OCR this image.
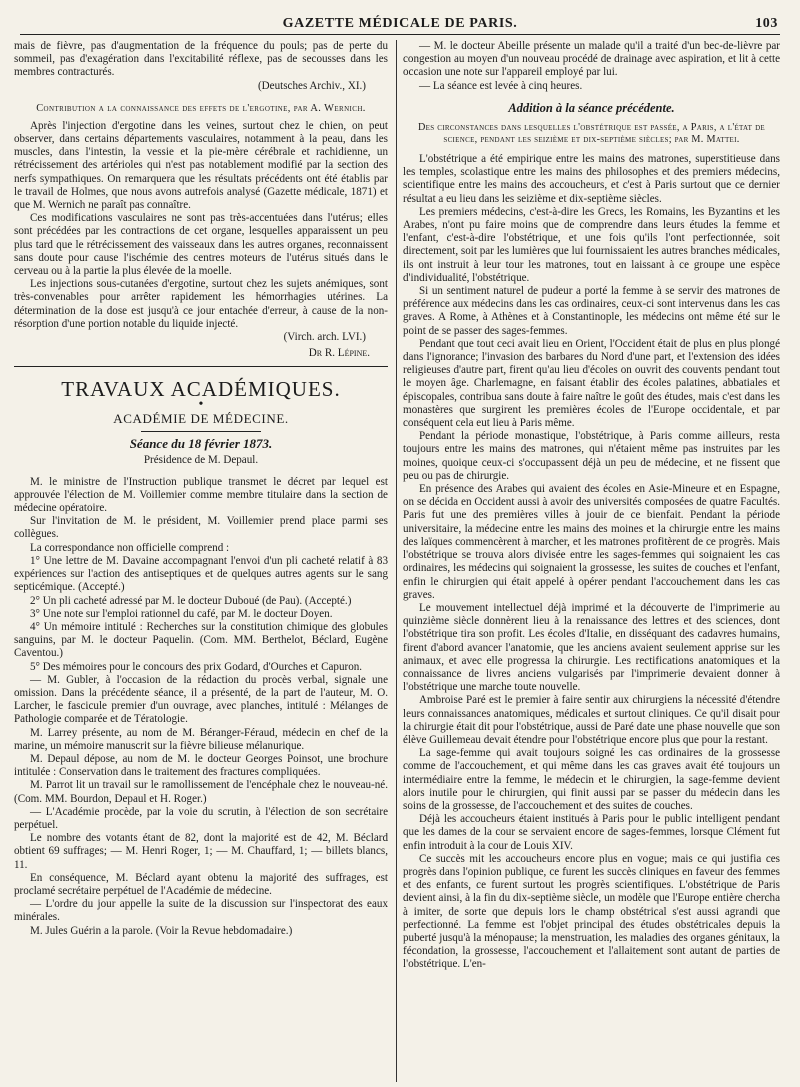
GAZETTE MÉDICALE DE PARIS.	103

mais de fièvre, pas d'augmentation de la fréquence du pouls; pas de perte du sommeil, pas d'exagération dans l'excitabilité réflexe, pas de secousses dans les membres contracturés.

(Deutsches Archiv., XI.)

Contribution a la connaissance des effets de l'ergotine, par A. Wernich.

Après l'injection d'ergotine dans les veines, surtout chez le chien, on peut observer, dans certains départements vasculaires, notamment à la peau, dans les muscles, dans l'intestin, la vessie et la pie-mère cérébrale et rachidienne, un rétrécissement des artérioles qui n'est pas notablement modifié par la section des nerfs sympathiques. On remarquera que les résultats précédents ont été établis par le travail de Holmes, que nous avons autrefois analysé (Gazette médicale, 1871) et que M. Wernich ne paraît pas connaître.

Ces modifications vasculaires ne sont pas très-accentuées dans l'utérus; elles sont précédées par les contractions de cet organe, lesquelles apparaissent un peu plus tard que le rétrécissement des vaisseaux dans les autres organes, reconnaissent sans doute pour cause l'ischémie des centres moteurs de l'utérus situés dans le cerveau ou à la partie la plus élevée de la moelle.

Les injections sous-cutanées d'ergotine, surtout chez les sujets anémiques, sont très-convenables pour arrêter rapidement les hémorrhagies utérines. La détermination de la dose est jusqu'à ce jour entachée d'erreur, à cause de la non-résorption d'une portion notable du liquide injecté.

(Virch. arch. LVI.)

Dr R. Lépine.

TRAVAUX ACADÉMIQUES.
•
ACADÉMIE DE MÉDECINE.
Séance du 18 février 1873.

Présidence de M. Depaul.

M. le ministre de l'Instruction publique transmet le décret par lequel est approuvée l'élection de M. Voillemier comme membre titulaire dans la section de médecine opératoire.

Sur l'invitation de M. le président, M. Voillemier prend place parmi ses collègues.

La correspondance non officielle comprend :

1° Une lettre de M. Davaine accompagnant l'envoi d'un pli cacheté relatif à 83 expériences sur l'action des antiseptiques et de quelques autres agents sur le sang septicémique. (Accepté.)

2° Un pli cacheté adressé par M. le docteur Duboué (de Pau). (Accepté.)

3° Une note sur l'emploi rationnel du café, par M. le docteur Doyen.

4° Un mémoire intitulé : Recherches sur la constitution chimique des globules sanguins, par M. le docteur Paquelin. (Com. MM. Berthelot, Béclard, Eugène Caventou.)

5° Des mémoires pour le concours des prix Godard, d'Ourches et Capuron.

— M. Gubler, à l'occasion de la rédaction du procès verbal, signale une omission. Dans la précédente séance, il a présenté, de la part de l'auteur, M. O. Larcher, le fascicule premier d'un ouvrage, avec planches, intitulé : Mélanges de Pathologie comparée et de Tératologie.

M. Larrey présente, au nom de M. Béranger-Féraud, médecin en chef de la marine, un mémoire manuscrit sur la fièvre bilieuse mélanurique.

M. Depaul dépose, au nom de M. le docteur Georges Poinsot, une brochure intitulée : Conservation dans le traitement des fractures compliquées.

M. Parrot lit un travail sur le ramollissement de l'encéphale chez le nouveau-né. (Com. MM. Bourdon, Depaul et H. Roger.)

— L'Académie procède, par la voie du scrutin, à l'élection de son secrétaire perpétuel.

Le nombre des votants étant de 82, dont la majorité est de 42, M. Béclard obtient 69 suffrages; — M. Henri Roger, 1; — M. Chauffard, 1; — billets blancs, 11.

En conséquence, M. Béclard ayant obtenu la majorité des suffrages, est proclamé secrétaire perpétuel de l'Académie de médecine.

— L'ordre du jour appelle la suite de la discussion sur l'inspectorat des eaux minérales.

M. Jules Guérin a la parole. (Voir la Revue hebdomadaire.)

— M. le docteur Abeille présente un malade qu'il a traité d'un bec-de-lièvre par congestion au moyen d'un nouveau procédé de drainage avec aspiration, et lit à cette occasion une note sur l'appareil employé par lui.

— La séance est levée à cinq heures.

Addition à la séance précédente.

Des circonstances dans lesquelles l'obstétrique est passée, a Paris, a l'état de science, pendant les seizième et dix-septième siècles; par M. Mattei.

L'obstétrique a été empirique entre les mains des matrones, superstitieuse dans les temples, scolastique entre les mains des philosophes et des premiers médecins, scientifique entre les mains des accoucheurs, et c'est à Paris surtout que ce dernier résultat a eu lieu dans les seizième et dix-septième siècles.

Les premiers médecins, c'est-à-dire les Grecs, les Romains, les Byzantins et les Arabes, n'ont pu faire moins que de comprendre dans leurs études la femme et l'enfant, c'est-à-dire l'obstétrique, et une fois qu'ils l'ont perfectionnée, soit directement, soit par les lumières que lui fournissaient les autres branches médicales, ils ont instruit à leur tour les matrones, tout en laissant à ce groupe une espèce d'individualité, l'obstétrique.

Si un sentiment naturel de pudeur a porté la femme à se servir des matrones de préférence aux médecins dans les cas ordinaires, ceux-ci sont intervenus dans les cas graves. A Rome, à Athènes et à Constantinople, les médecins ont même été sur le point de se passer des sages-femmes.

Pendant que tout ceci avait lieu en Orient, l'Occident était de plus en plus plongé dans l'ignorance; l'invasion des barbares du Nord d'une part, et l'extension des idées religieuses d'autre part, firent qu'au lieu d'écoles on ouvrit des couvents pendant tout le moyen âge. Charlemagne, en faisant établir des écoles palatines, abbatiales et épiscopales, contribua sans doute à faire naître le goût des études, mais c'est dans les monastères que surgirent les premières écoles de l'Europe occidentale, et par conséquent cela eut lieu à Paris même.

Pendant la période monastique, l'obstétrique, à Paris comme ailleurs, resta toujours entre les mains des matrones, qui n'étaient même pas instruites par les moines, quoique ceux-ci s'occupassent déjà un peu de médecine, et ne fissent que peu ou pas de chirurgie.

En présence des Arabes qui avaient des écoles en Asie-Mineure et en Espagne, on se décida en Occident aussi à avoir des universités composées de quatre Facultés. Paris fut une des premières villes à jouir de ce bienfait. Pendant la période universitaire, la médecine entre les mains des moines et la chirurgie entre les mains des laïques commencèrent à marcher, et les matrones profitèrent de ce progrès. Mais l'obstétrique se trouva alors divisée entre les sages-femmes qui soignaient les cas ordinaires, les médecins qui soignaient la grossesse, les suites de couches et l'enfant, enfin le chirurgien qui était appelé à opérer pendant l'accouchement dans les cas graves.

Le mouvement intellectuel déjà imprimé et la découverte de l'imprimerie au quinzième siècle donnèrent lieu à la renaissance des lettres et des sciences, dont l'obstétrique tira son profit. Les écoles d'Italie, en disséquant des cadavres humains, firent d'abord avancer l'anatomie, que les anciens avaient seulement apprise sur les animaux, et avec elle progressa la chirurgie. Les rectifications anatomiques et la connaissance de livres anciens vulgarisés par l'imprimerie devaient donner à l'obstétrique une marche toute nouvelle.

Ambroise Paré est le premier à faire sentir aux chirurgiens la nécessité d'étendre leurs connaissances anatomiques, médicales et surtout cliniques. Ce qu'il disait pour la chirurgie était dit pour l'obstétrique, aussi de Paré date une phase nouvelle que son élève Guillemeau devait étendre pour l'obstétrique encore plus que pour la restant.

La sage-femme qui avait toujours soigné les cas ordinaires de la grossesse comme de l'accouchement, et qui même dans les cas graves avait été toujours un intermédiaire entre la femme, le médecin et le chirurgien, la sage-femme devient alors inutile pour le chirurgien, qui finit aussi par se passer du médecin dans les soins de la grossesse, de l'accouchement et des suites de couches.

Déjà les accoucheurs étaient institués à Paris pour le public intelligent pendant que les dames de la cour se servaient encore de sages-femmes, lorsque Clément fut enfin introduit à la cour de Louis XIV.

Ce succès mit les accoucheurs encore plus en vogue; mais ce qui justifia ces progrès dans l'opinion publique, ce furent les succès cliniques en faveur des femmes et des enfants, ce furent surtout les progrès scientifiques. L'obstétrique de Paris devient ainsi, à la fin du dix-septième siècle, un modèle que l'Europe entière chercha à imiter, de sorte que depuis lors le champ obstétrical s'est aussi agrandi que perfectionné. La femme est l'objet principal des études obstétricales depuis la puberté jusqu'à la ménopause; la menstruation, les maladies des organes génitaux, la fécondation, la grossesse, l'accouchement et l'allaitement sont autant de parties de l'obstétrique. L'en-
